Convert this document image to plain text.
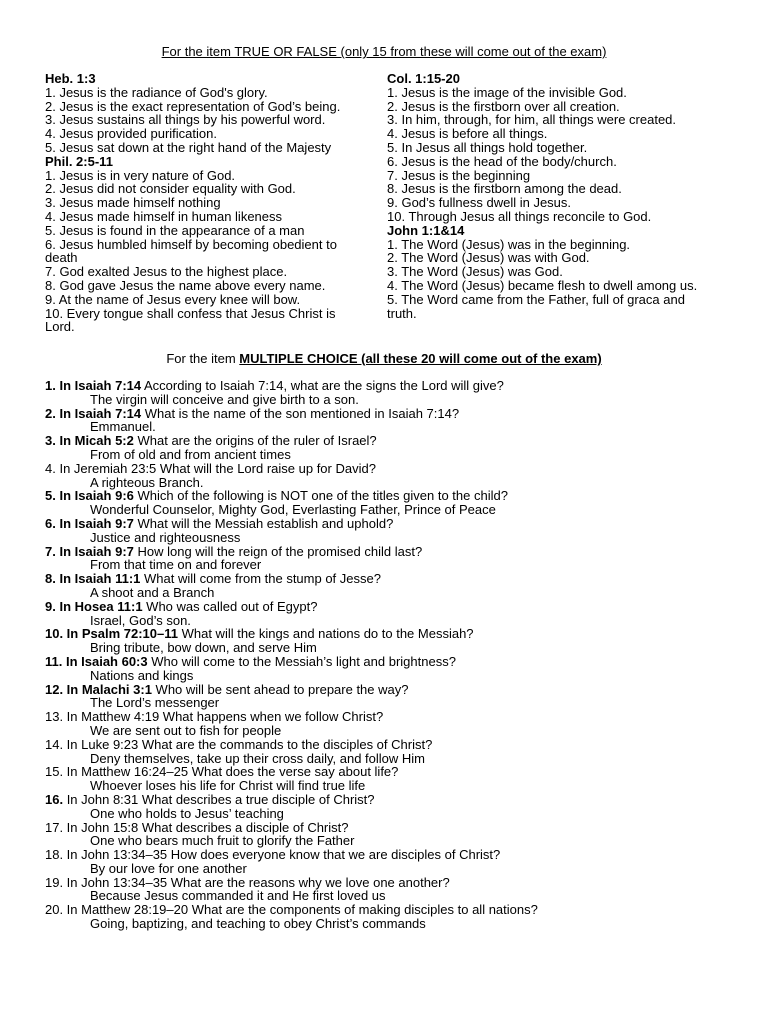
For the item TRUE OR FALSE (only 15 from these will come out of the exam)
Heb. 1:3
1. Jesus is the radiance of God's glory.
2. Jesus is the exact representation of God’s being.
3. Jesus sustains all things by his powerful word.
4. Jesus provided purification.
5. Jesus sat down at the right hand of the Majesty
Phil. 2:5-11
1. Jesus is in very nature of God.
2. Jesus did not consider equality with God.
3. Jesus made himself nothing
4. Jesus made himself in human likeness
5. Jesus is found in the appearance of a man
6. Jesus humbled himself by becoming obedient to death
7. God exalted Jesus to the highest place.
8. God gave Jesus the name above every name.
9. At the name of Jesus every knee will bow.
10. Every tongue shall confess that Jesus Christ is Lord.
Col. 1:15-20
1. Jesus is the image of the invisible God.
2. Jesus is the firstborn over all creation.
3. In him, through, for him, all things were created.
4. Jesus is before all things.
5. In Jesus all things hold together.
6. Jesus is the head of the body/church.
7. Jesus is the beginning
8. Jesus is the firstborn among the dead.
9. God’s fullness dwell in Jesus.
10. Through Jesus all things reconcile to God.
John 1:1&14
1. The Word (Jesus) was in the beginning.
2. The Word (Jesus) was with God.
3. The Word (Jesus) was God.
4. The Word (Jesus) became flesh to dwell among us.
5. The Word came from the Father, full of graca and truth.
For the item MULTIPLE CHOICE (all these 20 will come out of the exam)
1. In Isaiah 7:14 According to Isaiah 7:14, what are the signs the Lord will give?
The virgin will conceive and give birth to a son.
2. In Isaiah 7:14 What is the name of the son mentioned in Isaiah 7:14?
Emmanuel.
3. In Micah 5:2 What are the origins of the ruler of Israel?
From of old and from ancient times
4. In Jeremiah 23:5 What will the Lord raise up for David?
A righteous Branch.
5. In Isaiah 9:6 Which of the following is NOT one of the titles given to the child?
Wonderful Counselor, Mighty God, Everlasting Father, Prince of Peace
6. In Isaiah 9:7 What will the Messiah establish and uphold?
Justice and righteousness
7. In Isaiah 9:7 How long will the reign of the promised child last?
From that time on and forever
8. In Isaiah 11:1 What will come from the stump of Jesse?
A shoot and a Branch
9. In Hosea 11:1 Who was called out of Egypt?
Israel, God’s son.
10. In Psalm 72:10–11 What will the kings and nations do to the Messiah?
Bring tribute, bow down, and serve Him
11. In Isaiah 60:3 Who will come to the Messiah’s light and brightness?
Nations and kings
12. In Malachi 3:1 Who will be sent ahead to prepare the way?
The Lord’s messenger
13. In Matthew 4:19 What happens when we follow Christ?
We are sent out to fish for people
14. In Luke 9:23 What are the commands to the disciples of Christ?
Deny themselves, take up their cross daily, and follow Him
15. In Matthew 16:24–25 What does the verse say about life?
Whoever loses his life for Christ will find true life
16. In John 8:31 What describes a true disciple of Christ?
One who holds to Jesus’ teaching
17. In John 15:8 What describes a disciple of Christ?
One who bears much fruit to glorify the Father
18. In John 13:34–35 How does everyone know that we are disciples of Christ?
By our love for one another
19. In John 13:34–35 What are the reasons why we love one another?
Because Jesus commanded it and He first loved us
20. In Matthew 28:19–20 What are the components of making disciples to all nations?
Going, baptizing, and teaching to obey Christ’s commands
